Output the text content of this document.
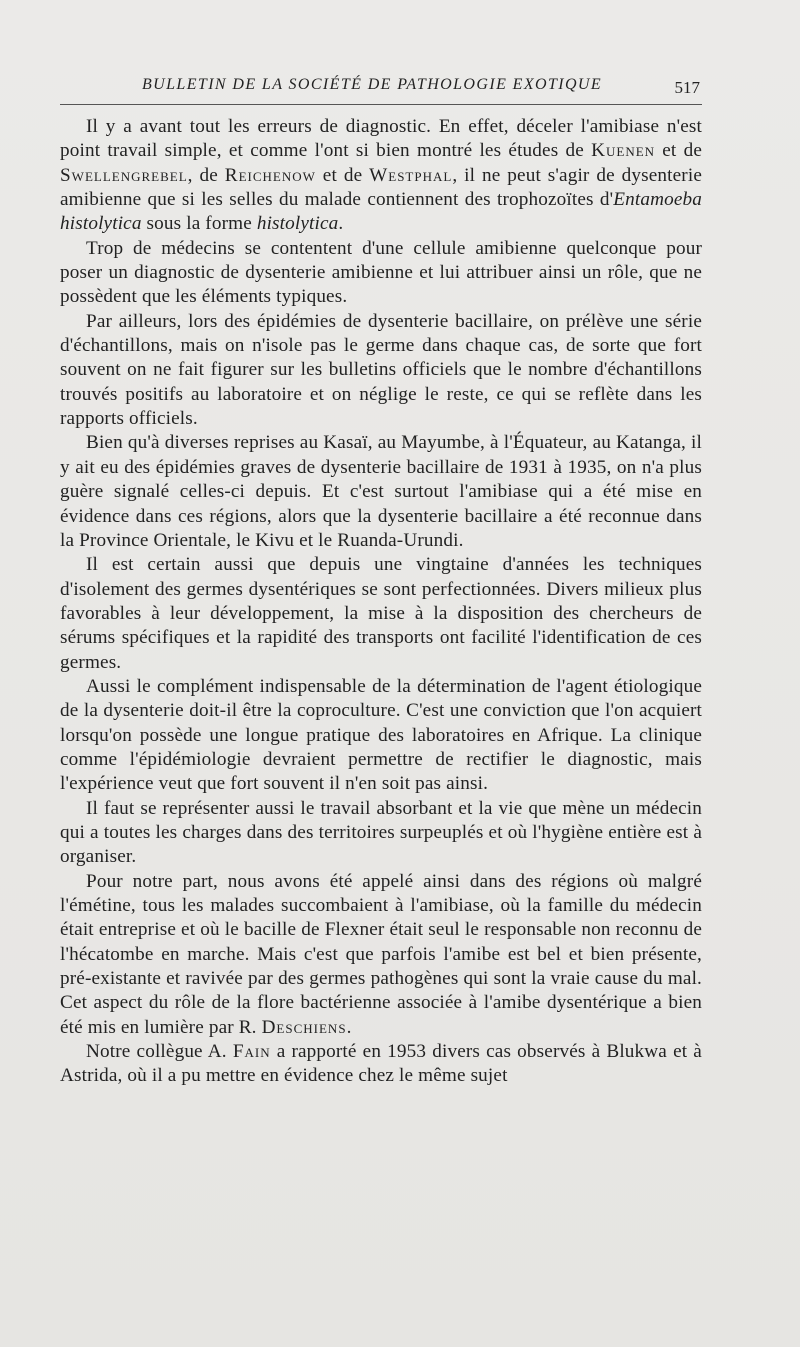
BULLETIN DE LA SOCIÉTÉ DE PATHOLOGIE EXOTIQUE	517

Il y a avant tout les erreurs de diagnostic. En effet, déceler l'amibiase n'est point travail simple, et comme l'ont si bien montré les études de Kuenen et de Swellengrebel, de Reichenow et de Westphal, il ne peut s'agir de dysenterie amibienne que si les selles du malade contiennent des trophozoïtes d'Entamoeba histolytica sous la forme histolytica.

Trop de médecins se contentent d'une cellule amibienne quelconque pour poser un diagnostic de dysenterie amibienne et lui attribuer ainsi un rôle, que ne possèdent que les éléments typiques.

Par ailleurs, lors des épidémies de dysenterie bacillaire, on prélève une série d'échantillons, mais on n'isole pas le germe dans chaque cas, de sorte que fort souvent on ne fait figurer sur les bulletins officiels que le nombre d'échantillons trouvés positifs au laboratoire et on néglige le reste, ce qui se reflète dans les rapports officiels.

Bien qu'à diverses reprises au Kasaï, au Mayumbe, à l'Équateur, au Katanga, il y ait eu des épidémies graves de dysenterie bacillaire de 1931 à 1935, on n'a plus guère signalé celles-ci depuis. Et c'est surtout l'amibiase qui a été mise en évidence dans ces régions, alors que la dysenterie bacillaire a été reconnue dans la Province Orientale, le Kivu et le Ruanda-Urundi.

Il est certain aussi que depuis une vingtaine d'années les techniques d'isolement des germes dysentériques se sont perfectionnées. Divers milieux plus favorables à leur développement, la mise à la disposition des chercheurs de sérums spécifiques et la rapidité des transports ont facilité l'identification de ces germes.

Aussi le complément indispensable de la détermination de l'agent étiologique de la dysenterie doit-il être la coproculture. C'est une conviction que l'on acquiert lorsqu'on possède une longue pratique des laboratoires en Afrique. La clinique comme l'épidémiologie devraient permettre de rectifier le diagnostic, mais l'expérience veut que fort souvent il n'en soit pas ainsi.

Il faut se représenter aussi le travail absorbant et la vie que mène un médecin qui a toutes les charges dans des territoires surpeuplés et où l'hygiène entière est à organiser.

Pour notre part, nous avons été appelé ainsi dans des régions où malgré l'émétine, tous les malades succombaient à l'amibiase, où la famille du médecin était entreprise et où le bacille de Flexner était seul le responsable non reconnu de l'hécatombe en marche. Mais c'est que parfois l'amibe est bel et bien présente, pré-existante et ravivée par des germes pathogènes qui sont la vraie cause du mal. Cet aspect du rôle de la flore bactérienne associée à l'amibe dysentérique a bien été mis en lumière par R. Deschiens.

Notre collègue A. Fain a rapporté en 1953 divers cas observés à Blukwa et à Astrida, où il a pu mettre en évidence chez le même sujet
